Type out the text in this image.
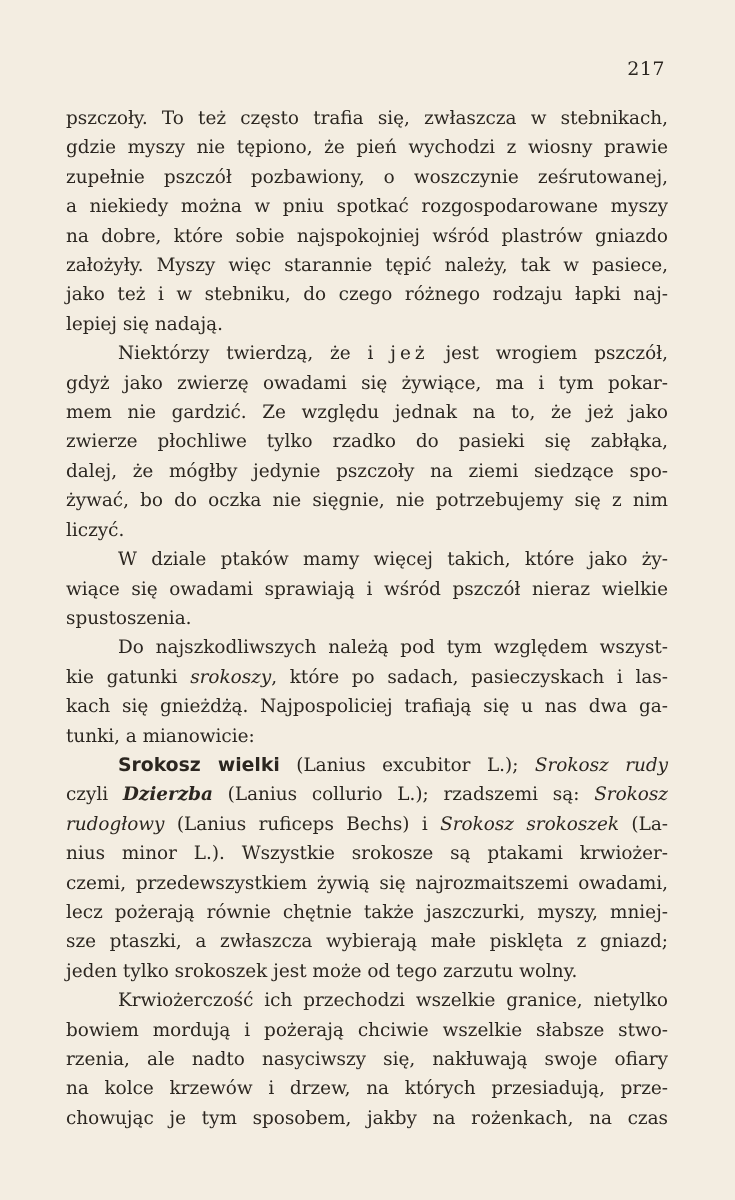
217
pszczoły. To też często trafia się, zwłaszcza w stebnikach,
gdzie myszy nie tępiono, że pień wychodzi z wiosny prawie
zupełnie pszczół pozbawiony, o woszczynie ześrutowanej,
a niekiedy można w pniu spotkać rozgospodarowane myszy
na dobre, które sobie najspokojniej wśród plastrów gniazdo
założyły. Myszy więc starannie tępić należy, tak w pasiece,
jako też i w stebniku, do czego różnego rodzaju łapki naj-
lepiej się nadają.
Niektórzy twierdzą, że i jeż jest wrogiem pszczół,
gdyż jako zwierzę owadami się żywiące, ma i tym pokar-
mem nie gardzić. Ze względu jednak na to, że jeż jako
zwierze płochliwe tylko rzadko do pasieki się zabłąka,
dalej, że mógłby jedynie pszczoły na ziemi siedzące spo-
żywać, bo do oczka nie sięgnie, nie potrzebujemy się z nim
liczyć.
W dziale ptaków mamy więcej takich, które jako ży-
wiące się owadami sprawiają i wśród pszczół nieraz wielkie
spustoszenia.
Do najszkodliwszych należą pod tym względem wszyst-
kie gatunki srokoszy, które po sadach, pasieczyskach i las-
kach się gnieżdżą. Najpospoliciej trafiają się u nas dwa ga-
tunki, a mianowicie:
Srokosz wielki (Lanius excubitor L.); Srokosz rudy
czyli Dzierzba (Lanius collurio L.); rzadszemi są: Srokosz
rudogłowy (Lanius ruficeps Bechs) i Srokosz srokoszek (La-
nius minor L.). Wszystkie srokosze są ptakami krwiożer-
czemi, przedewszystkiem żywią się najrozmaitszemi owadami,
lecz pożerają równie chętnie także jaszczurki, myszy, mniej-
sze ptaszki, a zwłaszcza wybierają małe pisklęta z gniazd;
jeden tylko srokoszek jest może od tego zarzutu wolny.
Krwiożerczość ich przechodzi wszelkie granice, nietylko
bowiem mordują i pożerają chciwie wszelkie słabsze stwo-
rzenia, ale nadto nasyciwszy się, nakłuwają swoje ofiary
na kolce krzewów i drzew, na których przesiadują, prze-
chowując je tym sposobem, jakby na rożenkach, na czas
